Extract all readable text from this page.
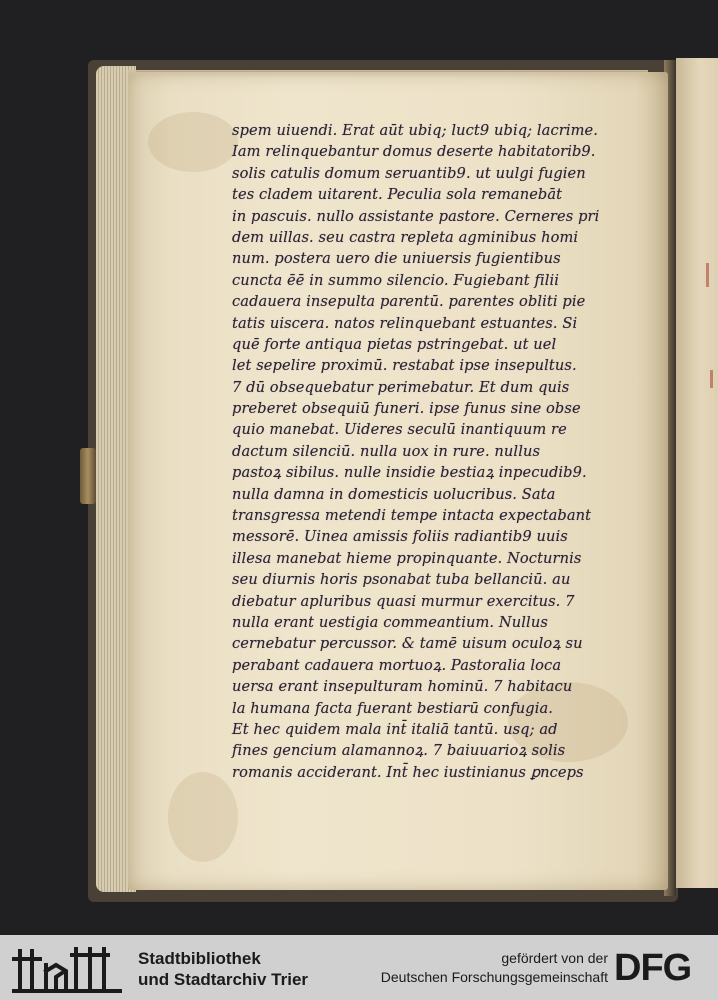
spem uiuendi. Erat aūt ubiq; luct9 ubiq; lacrime.
Iam relinquebantur domus deserte habitatorib9.
solis catulis domum seruantib9. ut uulgi fugien
tes cladem uitarent. Peculia sola remanebāt
in pascuis. nullo assistante pastore. Cerneres pri
dem uillas. seu castra repleta agminibus homi
num. postera uero die uniuersis fugientibus
cuncta ēē in summo silencio. Fugiebant filii
cadauera insepulta parentū. parentes obliti pie
tatis uiscera. natos relinquebant estuantes. Si
quē forte antiqua pietas pstringebat. ut uel
let sepelire proximū. restabat ipse insepultus.
7 dū obsequebatur perimebatur. Et dum quis
preberet obsequiū funeri. ipse funus sine obse
quio manebat. Uideres seculū inantiquum re
dactum silenciū. nulla uox in rure. nullus
pastoꝝ sibilus. nulle insidie bestiaꝝ inpecudib9.
nulla damna in domesticis uolucribus. Sata
transgressa metendi tempe intacta expectabant
messorē. Uinea amissis foliis radiantib9 uuis
illesa manebat hieme propinquante. Nocturnis
seu diurnis horis psonabat tuba bellanciū. au
diebatur apluribus quasi murmur exercitus. 7
nulla erant uestigia commeantium. Nullus
cernebatur percussor. & tamē uisum oculoꝝ su
perabant cadauera mortuoꝝ. Pastoralia loca
uersa erant insepulturam hominū. 7 habitacu
la humana facta fuerant bestiarū confugia.
Et hec quidem mala int̄ italiā tantū. usq; ad
fines gencium alamannoꝝ. 7 baiuuarioꝝ solis
romanis acciderant. Int̄ hec iustinianus ꝑnceps
Stadtbibliothek
und Stadtarchiv Trier
gefördert von der
Deutschen Forschungsgemeinschaft DFG
